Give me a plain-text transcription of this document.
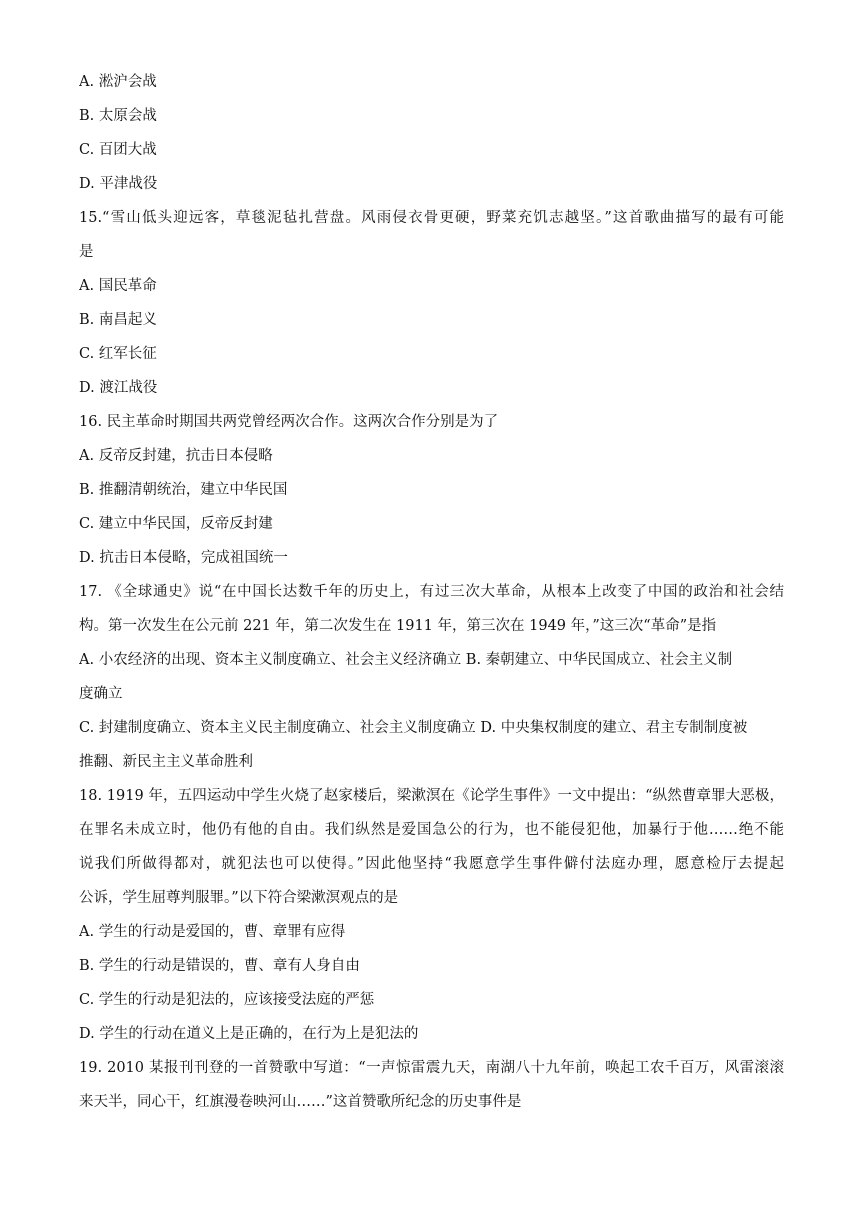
A. 淞沪会战
B. 太原会战
C. 百团大战
D. 平津战役
15.“雪山低头迎远客，草毯泥毡扎营盘。风雨侵衣骨更硬，野菜充饥志越坚。”这首歌曲描写的最有可能
是
A. 国民革命
B. 南昌起义
C. 红军长征
D. 渡江战役
16. 民主革命时期国共两党曾经两次合作。这两次合作分别是为了
A. 反帝反封建，抗击日本侵略
B. 推翻清朝统治，建立中华民国
C. 建立中华民国，反帝反封建
D. 抗击日本侵略，完成祖国统一
17. 《全球通史》说“在中国长达数千年的历史上，有过三次大革命，从根本上改变了中国的政治和社会结
构。第一次发生在公元前 221 年，第二次发生在 1911 年，第三次在 1949 年，”这三次“革命”是指
A. 小农经济的出现、资本主义制度确立、社会主义经济确立 B. 秦朝建立、中华民国成立、社会主义制
度确立
C. 封建制度确立、资本主义民主制度确立、社会主义制度确立 D. 中央集权制度的建立、君主专制制度被
推翻、新民主主义革命胜利
18. 1919 年，五四运动中学生火烧了赵家楼后，梁漱溟在《论学生事件》一文中提出：“纵然曹章罪大恶极，
在罪名未成立时，他仍有他的自由。我们纵然是爱国急公的行为，也不能侵犯他，加暴行于他……绝不能
说我们所做得都对，就犯法也可以使得。”因此他坚持“我愿意学生事件僻付法庭办理，愿意检厅去提起
公诉，学生屈尊判服罪。”以下符合梁漱溟观点的是
A. 学生的行动是爱国的，曹、章罪有应得
B. 学生的行动是错误的，曹、章有人身自由
C. 学生的行动是犯法的，应该接受法庭的严惩
D. 学生的行动在道义上是正确的，在行为上是犯法的
19. 2010 某报刊刊登的一首赞歌中写道：“一声惊雷震九天，南湖八十九年前，唤起工农千百万，风雷滚滚
来天半，同心干，红旗漫卷映河山……”这首赞歌所纪念的历史事件是
